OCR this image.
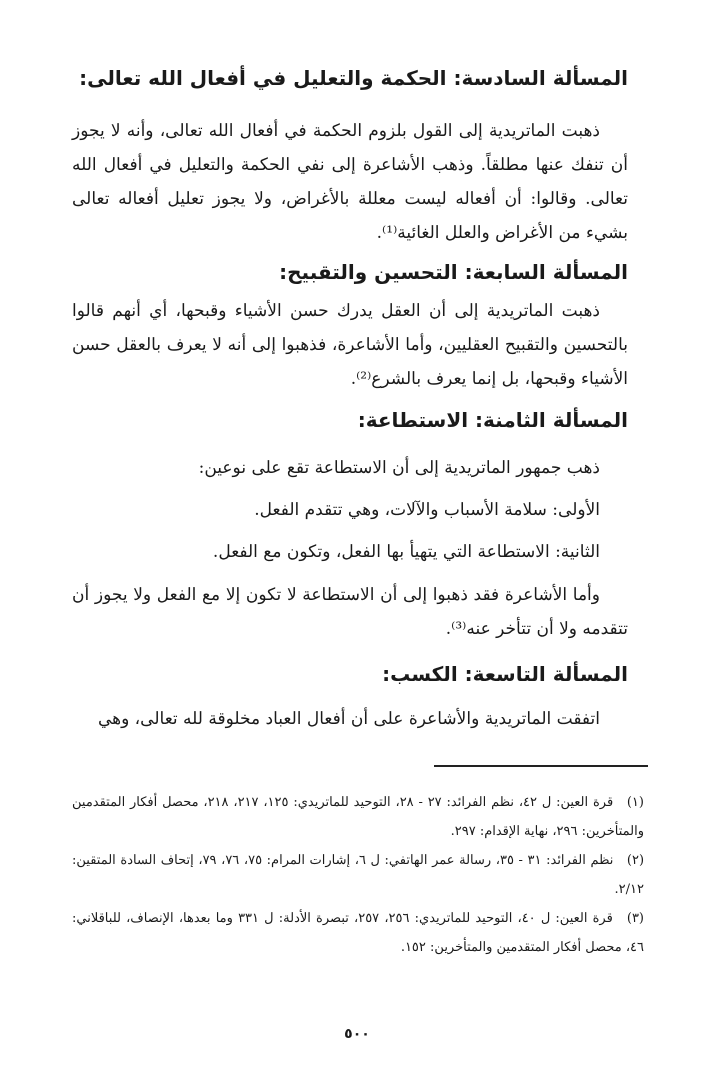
المسألة السادسة: الحكمة والتعليل في أفعال الله تعالى:

ذهبت الماتريدية إلى القول بلزوم الحكمة في أفعال الله تعالى، وأنه لا يجوز أن تنفك عنها مطلقاً. وذهب الأشاعرة إلى نفي الحكمة والتعليل في أفعال الله تعالى. وقالوا: أن أفعاله ليست معللة بالأغراض، ولا يجوز تعليل أفعاله تعالى بشيء من الأغراض والعلل الغائية⁽¹⁾.

المسألة السابعة: التحسين والتقبيح:

ذهبت الماتريدية إلى أن العقل يدرك حسن الأشياء وقبحها، أي أنهم قالوا بالتحسين والتقبيح العقليين، وأما الأشاعرة، فذهبوا إلى أنه لا يعرف بالعقل حسن الأشياء وقبحها، بل إنما يعرف بالشرع⁽²⁾.

المسألة الثامنة: الاستطاعة:
ذهب جمهور الماتريدية إلى أن الاستطاعة تقع على نوعين:
الأولى: سلامة الأسباب والآلات، وهي تتقدم الفعل.
الثانية: الاستطاعة التي يتهيأ بها الفعل، وتكون مع الفعل.

وأما الأشاعرة فقد ذهبوا إلى أن الاستطاعة لا تكون إلا مع الفعل ولا يجوز أن تتقدمه ولا أن تتأخر عنه⁽³⁾.

المسألة التاسعة: الكسب:

اتفقت الماتريدية والأشاعرة على أن أفعال العباد مخلوقة لله تعالى، وهي

(١) قرة العين: ل ٤٢، نظم الفرائد: ٢٧ - ٢٨، التوحيد للماتريدي: ١٢٥، ٢١٧، ٢١٨، محصل أفكار المتقدمين والمتأخرين: ٢٩٦، نهاية الإقدام: ٢٩٧.
(٢) نظم الفرائد: ٣١ - ٣٥، رسالة عمر الهاتفي: ل ٦، إشارات المرام: ٧٥، ٧٦، ٧٩، إتحاف السادة المتقين: ٢/١٢.
(٣) قرة العين: ل ٤٠، التوحيد للماتريدي: ٢٥٦، ٢٥٧، تبصرة الأدلة: ل ٣٣١ وما بعدها، الإنصاف، للباقلاني: ٤٦، محصل أفكار المتقدمين والمتأخرين: ١٥٢.
٥٠٠
